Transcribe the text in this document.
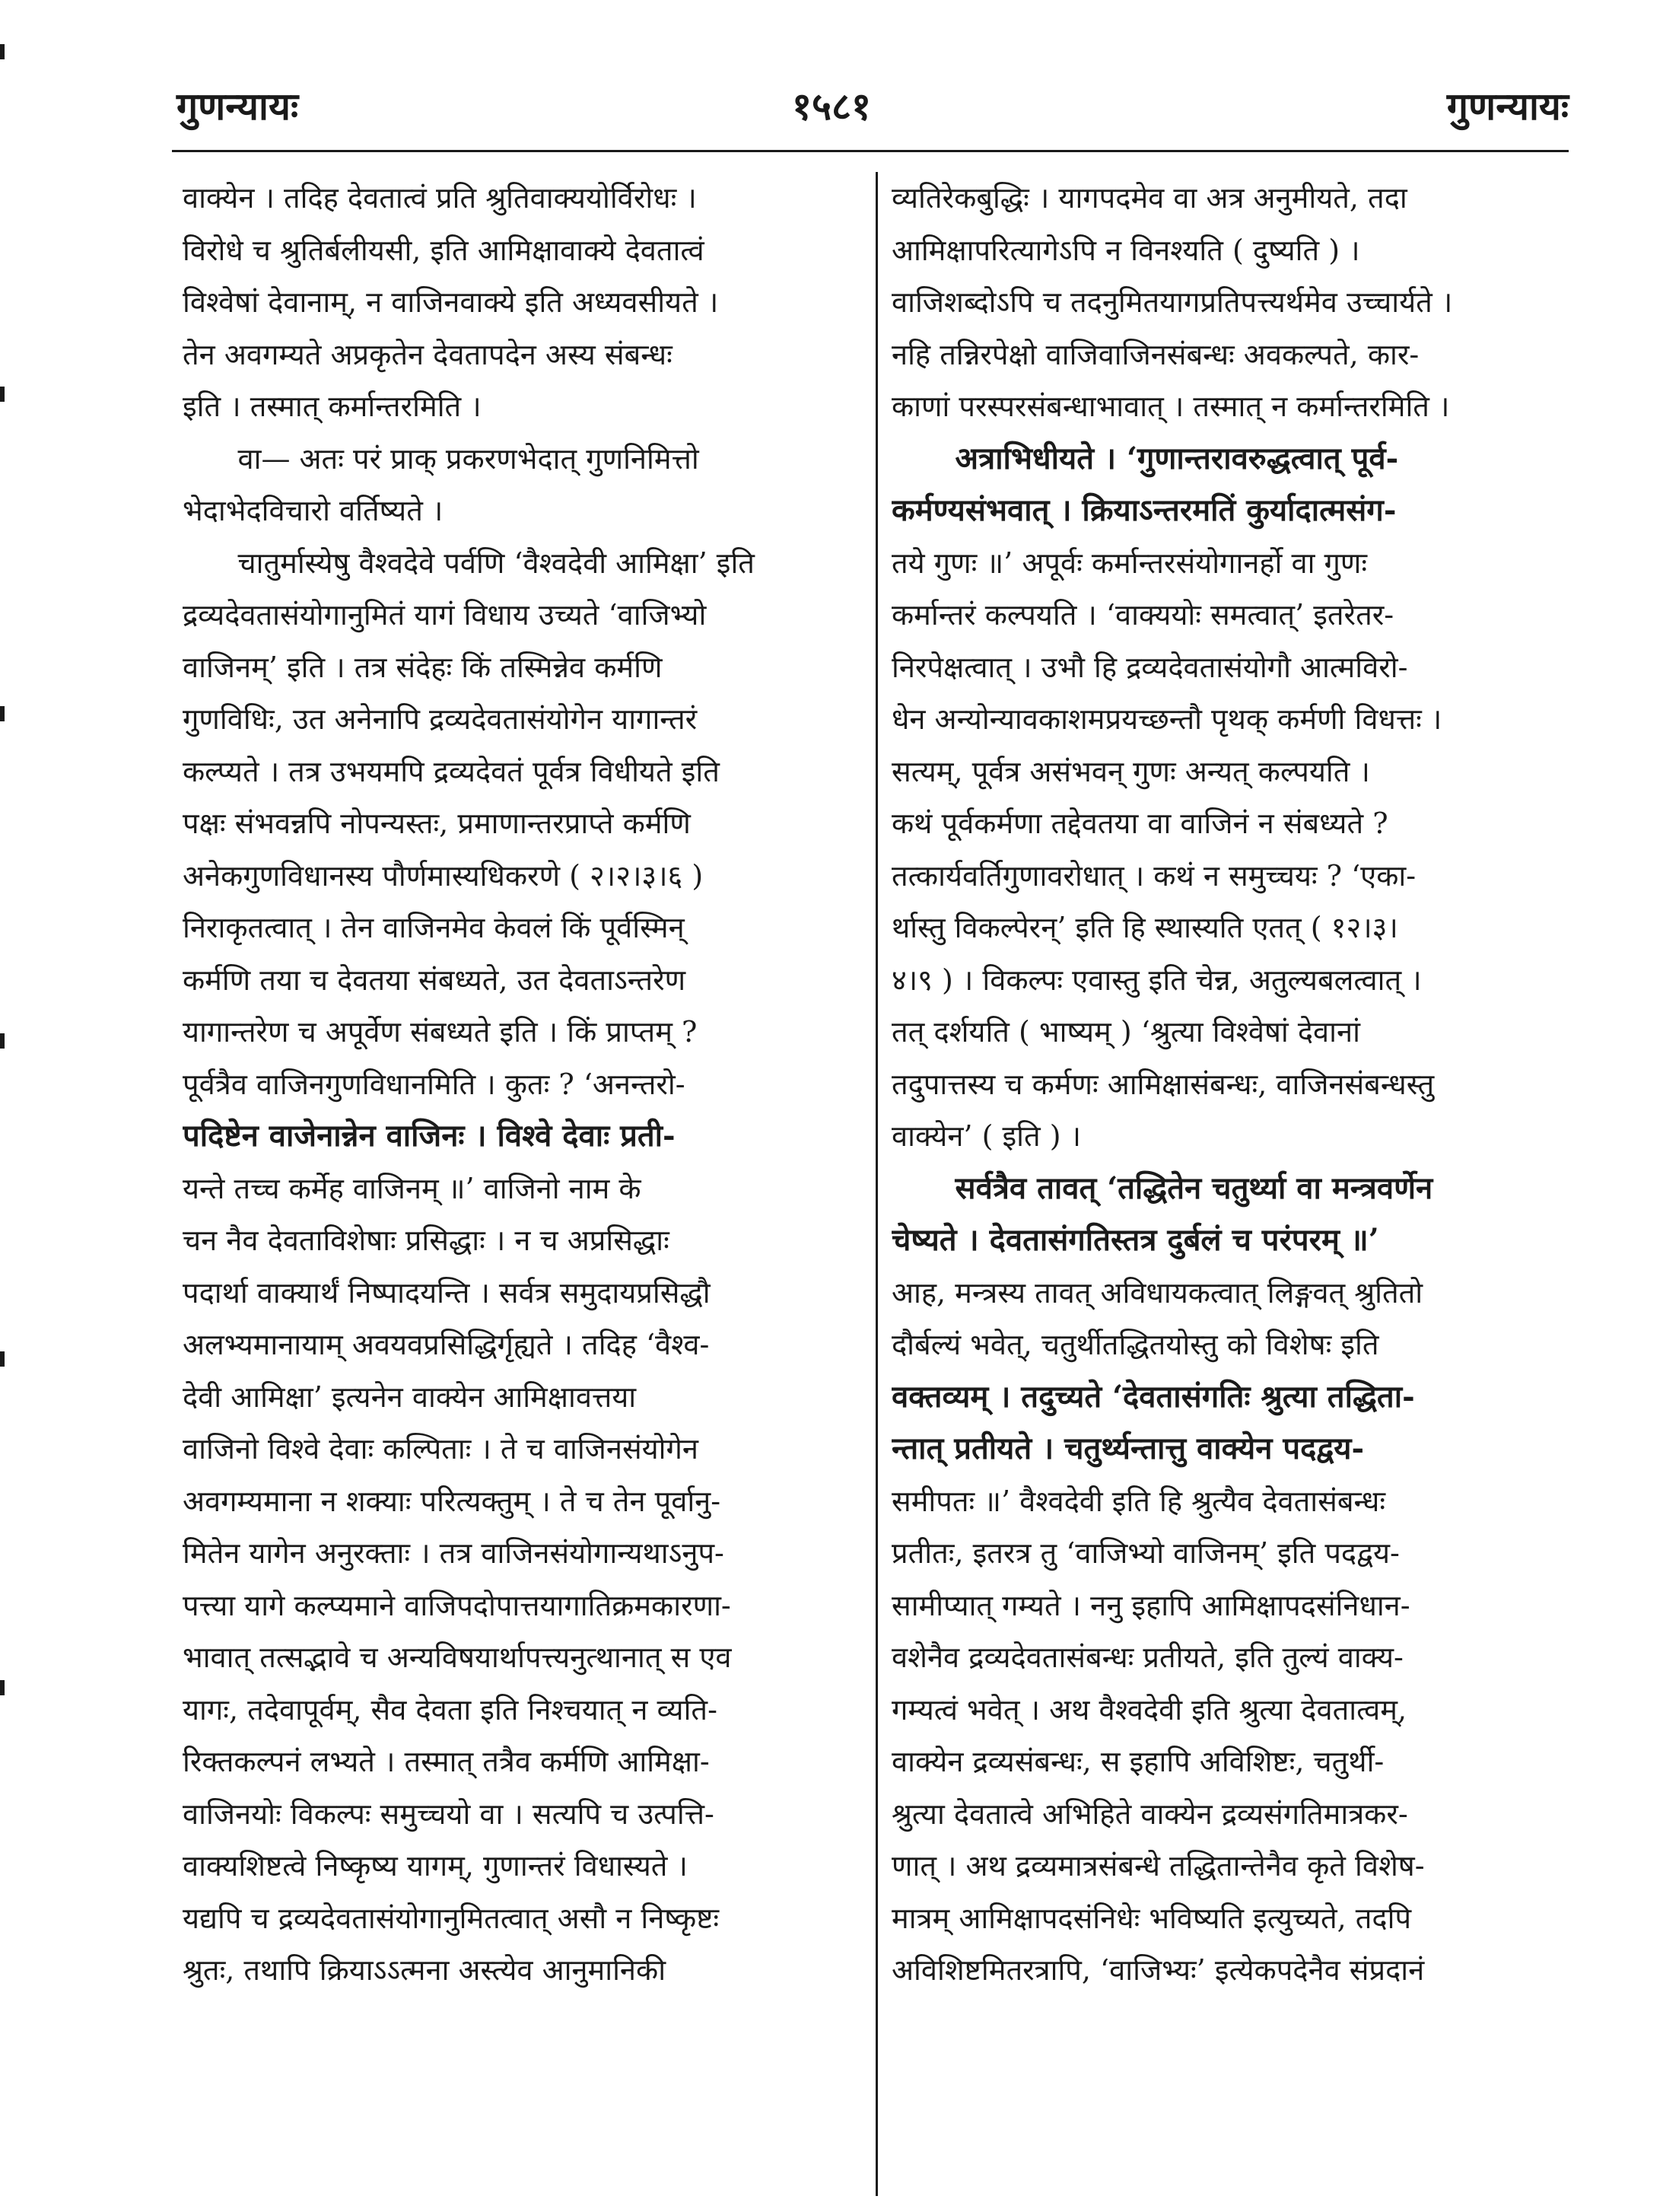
गुणन्यायः	१५८१	गुणन्यायः
वाक्येन । तदिह देवतात्वं प्रति श्रुतिवाक्ययोर्विरोधः ।
विरोधे च श्रुतिर्बलीयसी, इति आमिक्षावाक्ये देवतात्वं
विश्वेषां देवानाम्, न वाजिनवाक्ये इति अध्यवसीयते ।
तेन अवगम्यते अप्रकृतेन देवतापदेन अस्य संबन्धः
इति । तस्मात् कर्मान्तरमिति ।
वा— अतः परं प्राक् प्रकरणभेदात् गुणनिमित्तो
भेदाभेदविचारो वर्तिष्यते ।
चातुर्मास्येषु वैश्वदेवे पर्वणि ‘वैश्वदेवी आमिक्षा’ इति
द्रव्यदेवतासंयोगानुमितं यागं विधाय उच्यते ‘वाजिभ्यो
वाजिनम्’ इति । तत्र संदेहः किं तस्मिन्नेव कर्मणि
गुणविधिः, उत अनेनापि द्रव्यदेवतासंयोगेन यागान्तरं
कल्प्यते । तत्र उभयमपि द्रव्यदेवतं पूर्वत्र विधीयते इति
पक्षः संभवन्नपि नोपन्यस्तः, प्रमाणान्तरप्राप्ते कर्मणि
अनेकगुणविधानस्य पौर्णमास्यधिकरणे ( २।२।३।६ )
निराकृतत्वात् । तेन वाजिनमेव केवलं किं पूर्वस्मिन्
कर्मणि तया च देवतया संबध्यते, उत देवताऽन्तरेण
यागान्तरेण च अपूर्वेण संबध्यते इति । किं प्राप्तम् ?
पूर्वत्रैव वाजिनगुणविधानमिति । कुतः ? ‘अनन्तरो-
पदिष्टेन वाजेनान्नेन वाजिनः । विश्वे देवाः प्रती-
यन्ते तच्च कर्मेह वाजिनम् ॥’ वाजिनो नाम के
चन नैव देवताविशेषाः प्रसिद्धाः । न च अप्रसिद्धाः
पदार्था वाक्यार्थं निष्पादयन्ति । सर्वत्र समुदायप्रसिद्धौ
अलभ्यमानायाम् अवयवप्रसिद्धिर्गृह्यते । तदिह ‘वैश्व-
देवी आमिक्षा’ इत्यनेन वाक्येन आमिक्षावत्तया
वाजिनो विश्वे देवाः कल्पिताः । ते च वाजिनसंयोगेन
अवगम्यमाना न शक्याः परित्यक्तुम् । ते च तेन पूर्वानु-
मितेन यागेन अनुरक्ताः । तत्र वाजिनसंयोगान्यथाऽनुप-
पत्त्या यागे कल्प्यमाने वाजिपदोपात्तयागातिक्रमकारणा-
भावात् तत्सद्भावे च अन्यविषयार्थापत्त्यनुत्थानात् स एव
यागः, तदेवापूर्वम्, सैव देवता इति निश्चयात् न व्यति-
रिक्तकल्पनं लभ्यते । तस्मात् तत्रैव कर्मणि आमिक्षा-
वाजिनयोः विकल्पः समुच्चयो वा । सत्यपि च उत्पत्ति-
वाक्यशिष्टत्वे निष्कृष्य यागम्, गुणान्तरं विधास्यते ।
यद्यपि च द्रव्यदेवतासंयोगानुमितत्वात् असौ न निष्कृष्टः
श्रुतः, तथापि क्रियाऽऽत्मना अस्त्येव आनुमानिकी
व्यतिरेकबुद्धिः । यागपदमेव वा अत्र अनुमीयते, तदा
आमिक्षापरित्यागेऽपि न विनश्यति ( दुष्यति ) ।
वाजिशब्दोऽपि च तदनुमितयागप्रतिपत्त्यर्थमेव उच्चार्यते ।
नहि तन्निरपेक्षो वाजिवाजिनसंबन्धः अवकल्पते, कार-
काणां परस्परसंबन्धाभावात् । तस्मात् न कर्मान्तरमिति ।
अत्राभिधीयते । ‘गुणान्तरावरुद्धत्वात् पूर्व-
कर्मण्यसंभवात् । क्रियाऽन्तरमतिं कुर्यादात्मसंग-
तये गुणः ॥’ अपूर्वः कर्मान्तरसंयोगानर्हो वा गुणः
कर्मान्तरं कल्पयति । ‘वाक्ययोः समत्वात्’ इतरेतर-
निरपेक्षत्वात् । उभौ हि द्रव्यदेवतासंयोगौ आत्मविरो-
धेन अन्योन्यावकाशमप्रयच्छन्तौ पृथक् कर्मणी विधत्तः ।
सत्यम्, पूर्वत्र असंभवन् गुणः अन्यत् कल्पयति ।
कथं पूर्वकर्मणा तद्देवतया वा वाजिनं न संबध्यते ?
तत्कार्यवर्तिगुणावरोधात् । कथं न समुच्चयः ? ‘एका-
र्थास्तु विकल्पेरन्’ इति हि स्थास्यति एतत् ( १२।३।
४।९ ) । विकल्पः एवास्तु इति चेन्न, अतुल्यबलत्वात् ।
तत् दर्शयति ( भाष्यम् ) ‘श्रुत्या विश्वेषां देवानां
तदुपात्तस्य च कर्मणः आमिक्षासंबन्धः, वाजिनसंबन्धस्तु
वाक्येन’ ( इति ) ।
सर्वत्रैव तावत् ‘तद्धितेन चतुर्थ्या वा मन्त्रवर्णेन
चेष्यते । देवतासंगतिस्तत्र दुर्बलं च परंपरम् ॥’
आह, मन्त्रस्य तावत् अविधायकत्वात् लिङ्गवत् श्रुतितो
दौर्बल्यं भवेत्, चतुर्थीतद्धितयोस्तु को विशेषः इति
वक्तव्यम् । तदुच्यते ‘देवतासंगतिः श्रुत्या तद्धिता-
न्तात् प्रतीयते । चतुर्थ्यन्तात्तु वाक्येन पदद्वय-
समीपतः ॥’ वैश्वदेवी इति हि श्रुत्यैव देवतासंबन्धः
प्रतीतः, इतरत्र तु ‘वाजिभ्यो वाजिनम्’ इति पदद्वय-
सामीप्यात् गम्यते । ननु इहापि आमिक्षापदसंनिधान-
वशेनैव द्रव्यदेवतासंबन्धः प्रतीयते, इति तुल्यं वाक्य-
गम्यत्वं भवेत् । अथ वैश्वदेवी इति श्रुत्या देवतात्वम्,
वाक्येन द्रव्यसंबन्धः, स इहापि अविशिष्टः, चतुर्थी-
श्रुत्या देवतात्वे अभिहिते वाक्येन द्रव्यसंगतिमात्रकर-
णात् । अथ द्रव्यमात्रसंबन्धे तद्धितान्तेनैव कृते विशेष-
मात्रम् आमिक्षापदसंनिधेः भविष्यति इत्युच्यते, तदपि
अविशिष्टमितरत्रापि, ‘वाजिभ्यः’ इत्येकपदेनैव संप्रदानं
